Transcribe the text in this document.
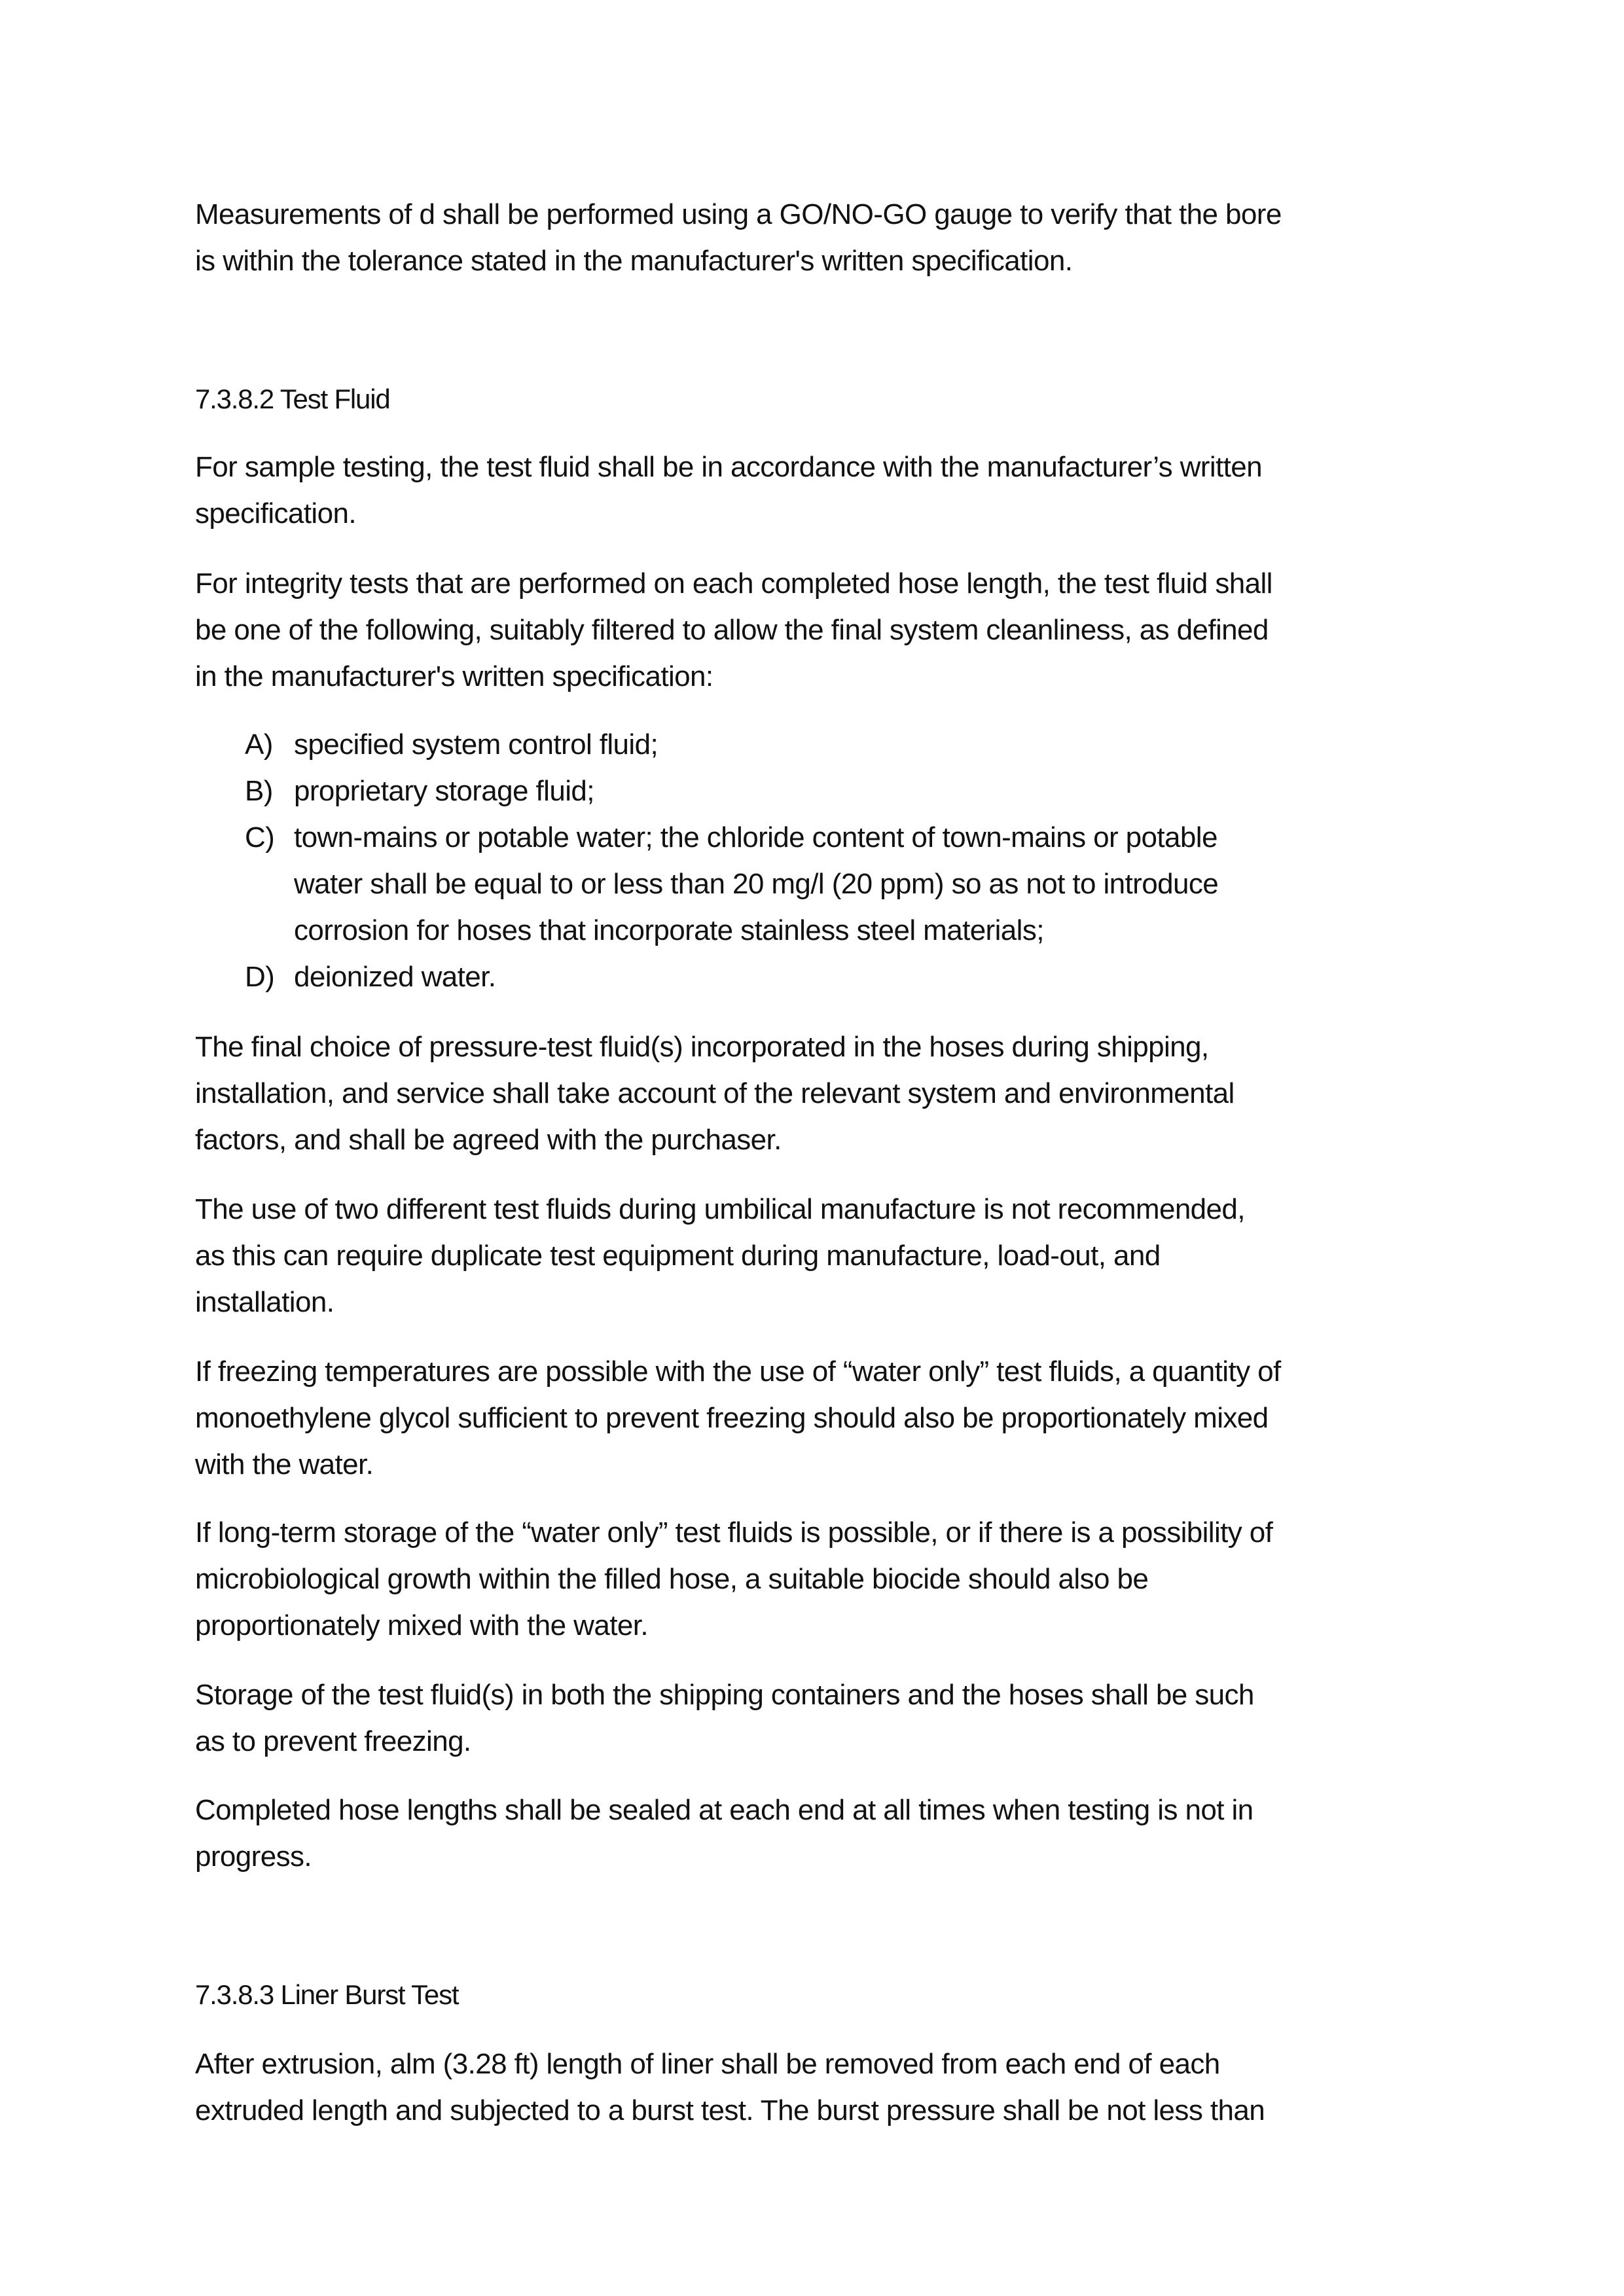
Measurements of d shall be performed using a GO/NO-GO gauge to verify that the bore
is within the tolerance stated in the manufacturer's written specification.
7.3.8.2 Test Fluid
For sample testing, the test fluid shall be in accordance with the manufacturer’s written
specification.
For integrity tests that are performed on each completed hose length, the test fluid shall
be one of the following, suitably filtered to allow the final system cleanliness, as defined
in the manufacturer's written specification:
A) specified system control fluid;
B) proprietary storage fluid;
C) town-mains or potable water; the chloride content of town-mains or potable
water shall be equal to or less than 20 mg/l (20 ppm) so as not to introduce
corrosion for hoses that incorporate stainless steel materials;
D) deionized water.
The final choice of pressure-test fluid(s) incorporated in the hoses during shipping,
installation, and service shall take account of the relevant system and environmental
factors, and shall be agreed with the purchaser.
The use of two different test fluids during umbilical manufacture is not recommended,
as this can require duplicate test equipment during manufacture, load-out, and
installation.
If freezing temperatures are possible with the use of “water only” test fluids, a quantity of
monoethylene glycol sufficient to prevent freezing should also be proportionately mixed
with the water.
If long-term storage of the “water only” test fluids is possible, or if there is a possibility of
microbiological growth within the filled hose, a suitable biocide should also be
proportionately mixed with the water.
Storage of the test fluid(s) in both the shipping containers and the hoses shall be such
as to prevent freezing.
Completed hose lengths shall be sealed at each end at all times when testing is not in
progress.
7.3.8.3 Liner Burst Test
After extrusion, alm (3.28 ft) length of liner shall be removed from each end of each
extruded length and subjected to a burst test. The burst pressure shall be not less than
